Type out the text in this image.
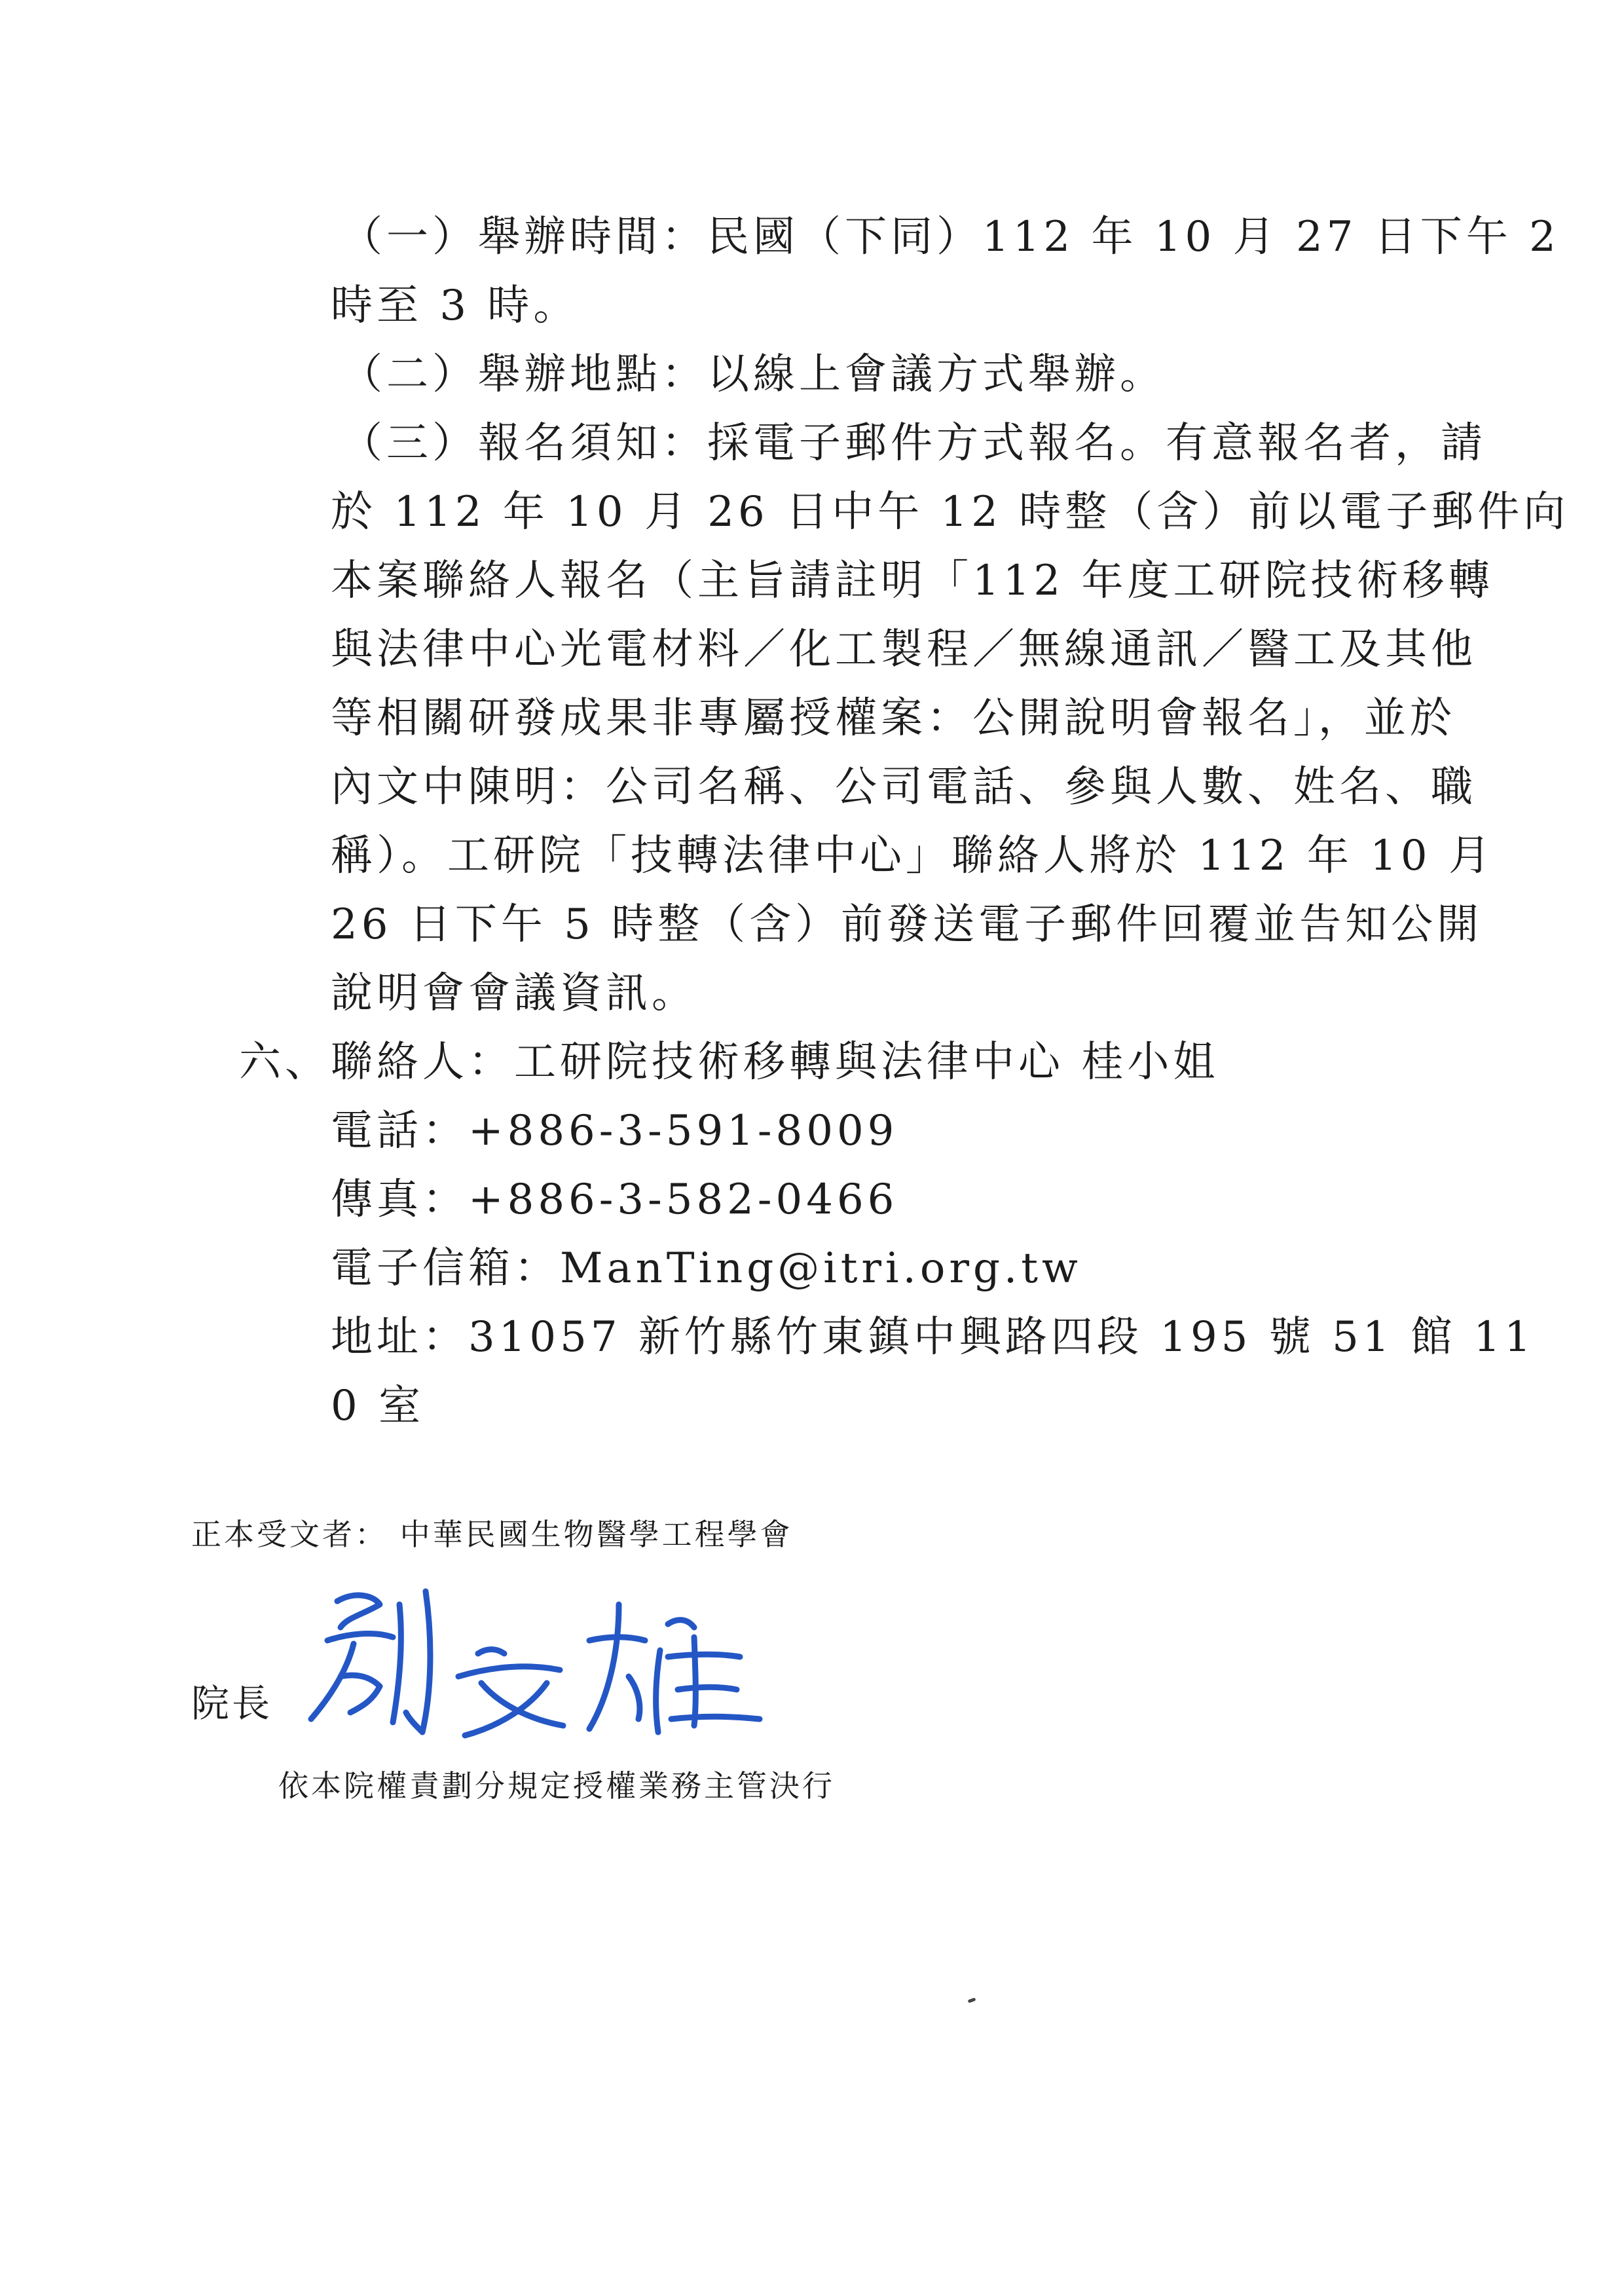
（一）舉辦時間：民國（下同）112 年 10 月 27 日下午 2
時至 3 時。
（二）舉辦地點：以線上會議方式舉辦。
（三）報名須知：採電子郵件方式報名。有意報名者，請
於 112 年 10 月 26 日中午 12 時整（含）前以電子郵件向
本案聯絡人報名（主旨請註明「112 年度工研院技術移轉
與法律中心光電材料／化工製程／無線通訊／醫工及其他
等相關研發成果非專屬授權案：公開說明會報名」，並於
內文中陳明：公司名稱、公司電話、參與人數、姓名、職
稱）。工研院「技轉法律中心」聯絡人將於 112 年 10 月
26 日下午 5 時整（含）前發送電子郵件回覆並告知公開
說明會會議資訊。
六、聯絡人：工研院技術移轉與法律中心 桂小姐
電話：+886-3-591-8009
傳真：+886-3-582-0466
電子信箱：ManTing@itri.org.tw
地址：31057 新竹縣竹東鎮中興路四段 195 號 51 館 11
0 室
正本受文者： 中華民國生物醫學工程學會
院長
依本院權責劃分規定授權業務主管決行
